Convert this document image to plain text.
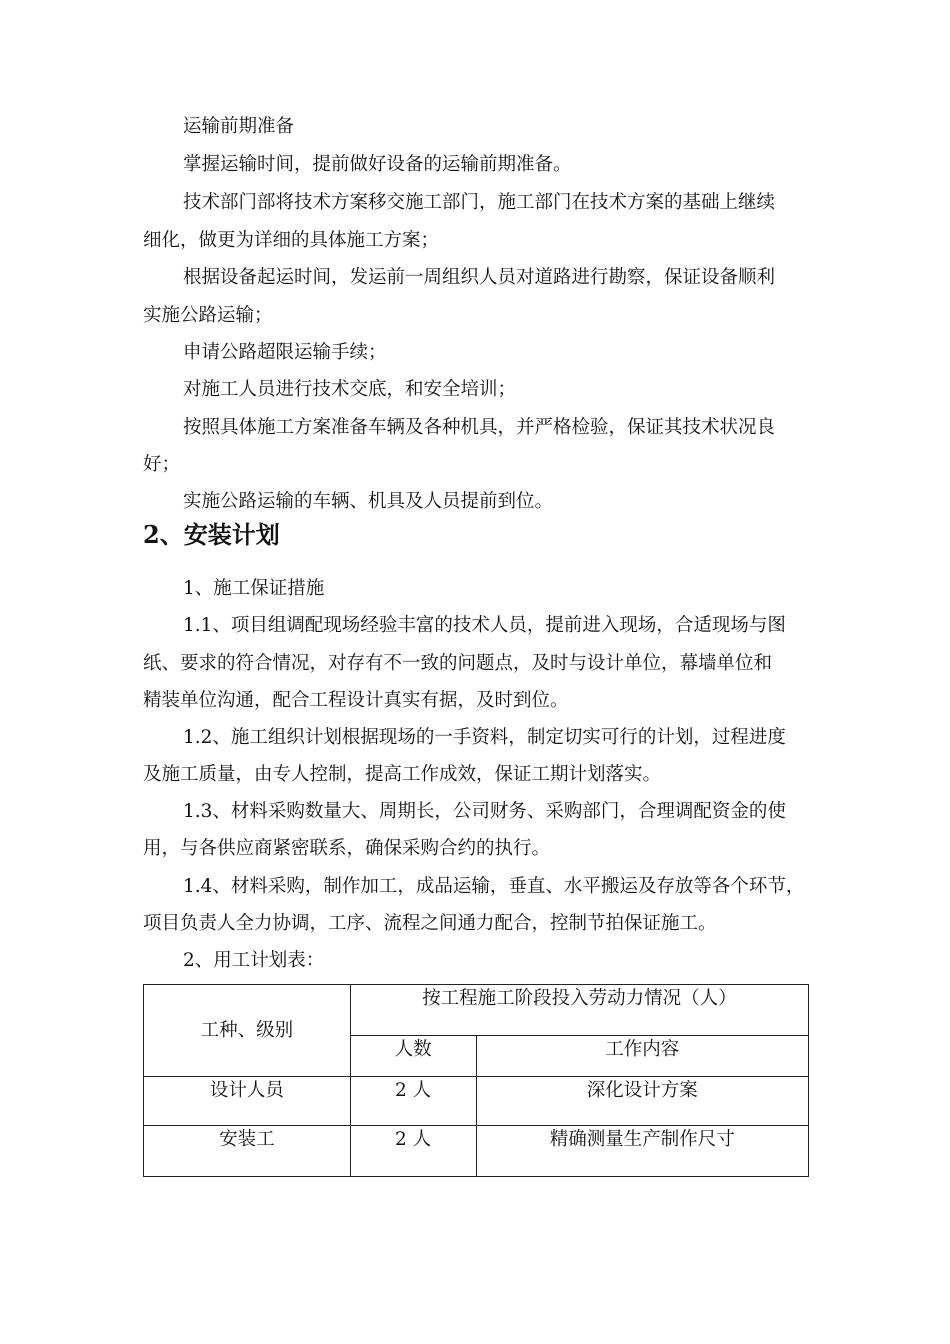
运输前期准备

掌握运输时间，提前做好设备的运输前期准备。

技术部门部将技术方案移交施工部门，施工部门在技术方案的基础上继续

细化，做更为详细的具体施工方案；

根据设备起运时间，发运前一周组织人员对道路进行勘察，保证设备顺利

实施公路运输；

申请公路超限运输手续；

对施工人员进行技术交底，和安全培训；

按照具体施工方案准备车辆及各种机具，并严格检验，保证其技术状况良

好；

实施公路运输的车辆、机具及人员提前到位。

2、安装计划

1、施工保证措施

1.1、项目组调配现场经验丰富的技术人员，提前进入现场，合适现场与图

纸、要求的符合情况，对存有不一致的问题点，及时与设计单位，幕墙单位和

精装单位沟通，配合工程设计真实有据，及时到位。

1.2、施工组织计划根据现场的一手资料，制定切实可行的计划，过程进度

及施工质量，由专人控制，提高工作成效，保证工期计划落实。

1.3、材料采购数量大、周期长，公司财务、采购部门，合理调配资金的使

用，与各供应商紧密联系，确保采购合约的执行。

1.4、材料采购，制作加工，成品运输，垂直、水平搬运及存放等各个环节，

项目负责人全力协调，工序、流程之间通力配合，控制节拍保证施工。

2、用工计划表：

工种、级别	按工程施工阶段投入劳动力情况（人）	
	人数	工作内容
设计人员	2 人	深化设计方案
安装工	2 人	精确测量生产制作尺寸
